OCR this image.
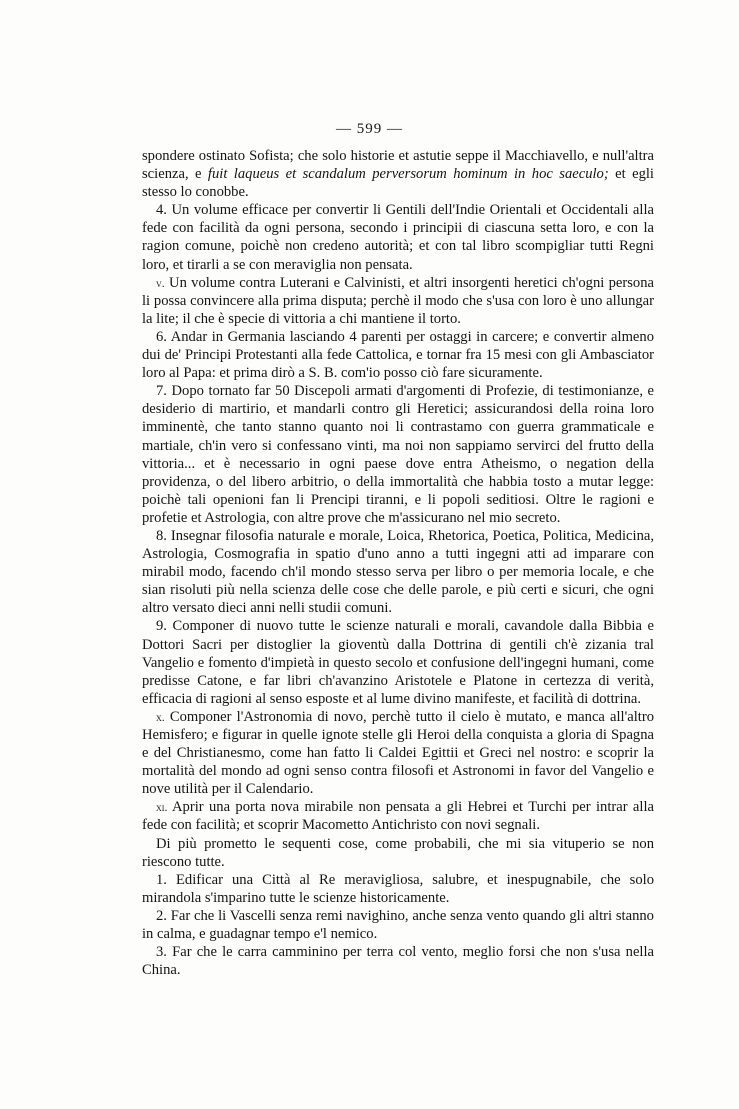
— 599 —

spondere ostinato Sofista; che solo historie et astutie seppe il Macchiavello, e null'altra scienza, e fuit laqueus et scandalum perversorum hominum in hoc saeculo; et egli stesso lo conobbe.

4. Un volume efficace per convertir li Gentili dell'Indie Orientali et Occidentali alla fede con facilità da ogni persona, secondo i principii di ciascuna setta loro, e con la ragion comune, poichè non credeno autorità; et con tal libro scompigliar tutti Regni loro, et tirarli a se con meraviglia non pensata.

v. Un volume contra Luterani e Calvinisti, et altri insorgenti heretici ch'ogni persona li possa convincere alla prima disputa; perchè il modo che s'usa con loro è uno allungar la lite; il che è specie di vittoria a chi mantiene il torto.

6. Andar in Germania lasciando 4 parenti per ostaggi in carcere; e convertir almeno dui de' Principi Protestanti alla fede Cattolica, e tornar fra 15 mesi con gli Ambasciator loro al Papa: et prima dirò a S. B. com'io posso ciò fare sicuramente.

7. Dopo tornato far 50 Discepoli armati d'argomenti di Profezie, di testimonianze, e desiderio di martirio, et mandarli contro gli Heretici; assicurandosi della roina loro imminentè, che tanto stanno quanto noi li contrastamo con guerra grammaticale e martiale, ch'in vero si confessano vinti, ma noi non sappiamo servirci del frutto della vittoria... et è necessario in ogni paese dove entra Atheismo, o negation della providenza, o del libero arbitrio, o della immortalità che habbia tosto a mutar legge: poichè tali openioni fan li Prencipi tiranni, e li popoli seditiosi. Oltre le ragioni e profetie et Astrologia, con altre prove che m'assicurano nel mio secreto.

8. Insegnar filosofia naturale e morale, Loica, Rhetorica, Poetica, Politica, Medicina, Astrologia, Cosmografia in spatio d'uno anno a tutti ingegni atti ad imparare con mirabil modo, facendo ch'il mondo stesso serva per libro o per memoria locale, e che sian risoluti più nella scienza delle cose che delle parole, e più certi e sicuri, che ogni altro versato dieci anni nelli studii comuni.

9. Componer di nuovo tutte le scienze naturali e morali, cavandole dalla Bibbia e Dottori Sacri per distoglier la gioventù dalla Dottrina di gentili ch'è zizania tral Vangelio e fomento d'impietà in questo secolo et confusione dell'ingegni humani, come predisse Catone, e far libri ch'avanzino Aristotele e Platone in certezza di verità, efficacia di ragioni al senso esposte et al lume divino manifeste, et facilità di dottrina.

x. Componer l'Astronomia di novo, perchè tutto il cielo è mutato, e manca all'altro Hemisfero; e figurar in quelle ignote stelle gli Heroi della conquista a gloria di Spagna e del Christianesmo, come han fatto li Caldei Egittii et Greci nel nostro: e scoprir la mortalità del mondo ad ogni senso contra filosofi et Astronomi in favor del Vangelio e nove utilità per il Calendario.

xi. Aprir una porta nova mirabile non pensata a gli Hebrei et Turchi per intrar alla fede con facilità; et scoprir Macometto Antichristo con novi segnali.

Di più prometto le sequenti cose, come probabili, che mi sia vituperio se non riescono tutte.

1. Edificar una Città al Re meravigliosa, salubre, et inespugnabile, che solo mirandola s'imparino tutte le scienze historicamente.

2. Far che li Vascelli senza remi navighino, anche senza vento quando gli altri stanno in calma, e guadagnar tempo e'l nemico.

3. Far che le carra camminino per terra col vento, meglio forsi che non s'usa nella China.
